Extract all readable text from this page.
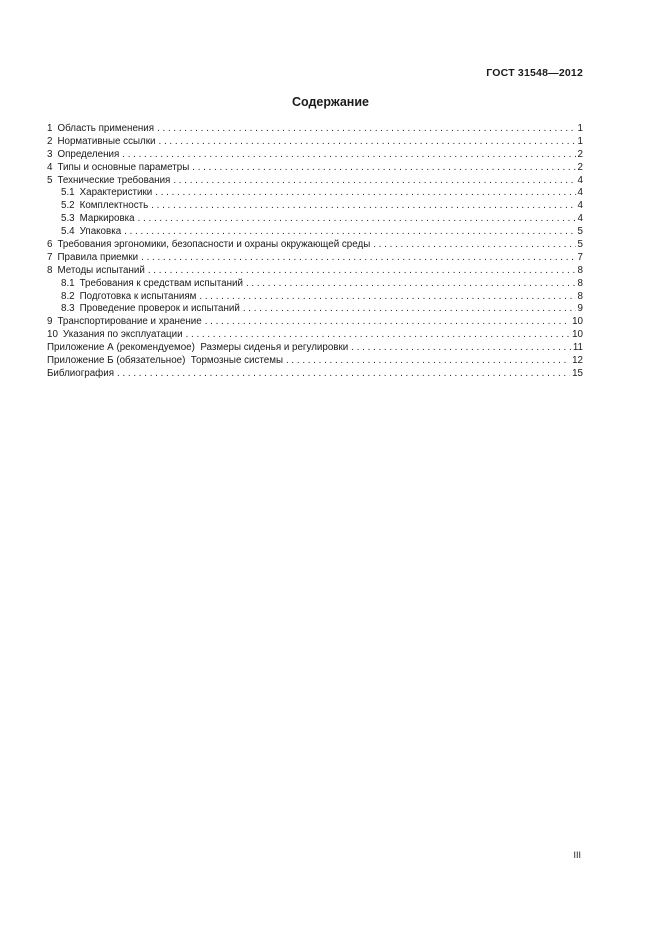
ГОСТ 31548—2012
Содержание
1 Область применения . . .	1
2 Нормативные ссылки . . .	1
3 Определения . . .	2
4 Типы и основные параметры . . .	2
5 Технические требования . . .	4
5.1 Характеристики . . .	4
5.2 Комплектность . . .	4
5.3 Маркировка . . .	4
5.4 Упаковка . . .	5
6 Требования эргономики, безопасности и охраны окружающей среды . . .	5
7 Правила приемки . . .	7
8 Методы испытаний . . .	8
8.1 Требования к средствам испытаний . . .	8
8.2 Подготовка к испытаниям . . .	8
8.3 Проведение проверок и испытаний . . .	9
9 Транспортирование и хранение . . .	10
10 Указания по эксплуатации . . .	10
Приложение А (рекомендуемое)  Размеры сиденья и регулировки . . .	11
Приложение Б (обязательное)  Тормозные системы . . .	12
Библиография . . .	15
III
